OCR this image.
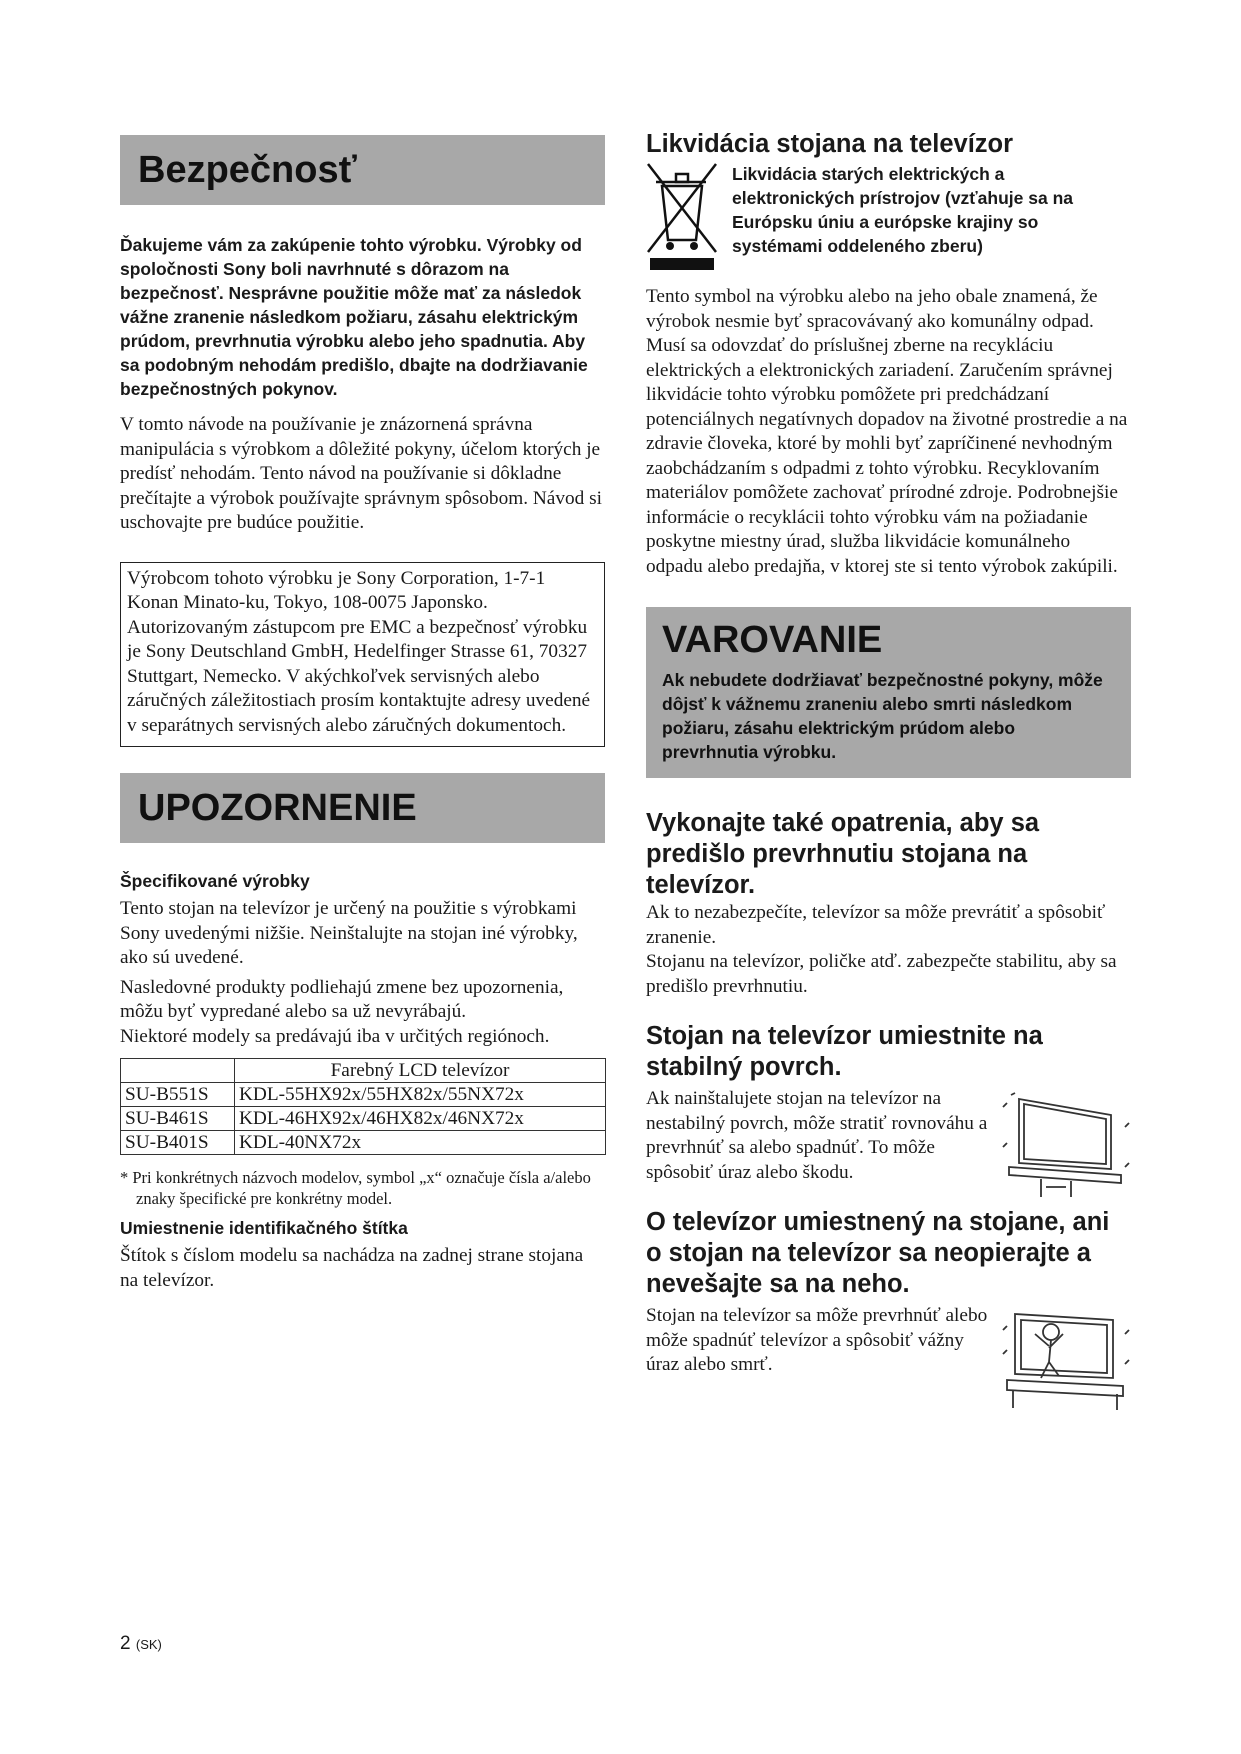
Bezpečnosť

Ďakujeme vám za zakúpenie tohto výrobku. Výrobky od spoločnosti Sony boli navrhnuté s dôrazom na bezpečnosť. Nesprávne použitie môže mať za následok vážne zranenie následkom požiaru, zásahu elektrickým prúdom, prevrhnutia výrobku alebo jeho spadnutia. Aby sa podobným nehodám predišlo, dbajte na dodržiavanie bezpečnostných pokynov.

V tomto návode na používanie je znázornená správna manipulácia s výrobkom a dôležité pokyny, účelom ktorých je predísť nehodám. Tento návod na používanie si dôkladne prečítajte a výrobok používajte správnym spôsobom. Návod si uschovajte pre budúce použitie.

Výrobcom tohoto výrobku je Sony Corporation, 1-7-1 Konan Minato-ku, Tokyo, 108-0075 Japonsko. Autorizovaným zástupcom pre EMC a bezpečnosť výrobku je Sony Deutschland GmbH, Hedelfinger Strasse 61, 70327 Stuttgart, Nemecko. V akýchkoľvek servisných alebo záručných záležitostiach prosím kontaktujte adresy uvedené v separátnych servisných alebo záručných dokumentoch.

UPOZORNENIE

Špecifikované výrobky

Tento stojan na televízor je určený na použitie s výrobkami Sony uvedenými nižšie. Neinštalujte na stojan iné výrobky, ako sú uvedené.

Nasledovné produkty podliehajú zmene bez upozornenia, môžu byť vypredané alebo sa už nevyrábajú.

Niektoré modely sa predávajú iba v určitých regiónoch.

	Farebný LCD televízor
SU-B551S	KDL-55HX92x/55HX82x/55NX72x
SU-B461S	KDL-46HX92x/46HX82x/46NX72x
SU-B401S	KDL-40NX72x

* Pri konkrétnych názvoch modelov, symbol „x“ označuje čísla a/alebo znaky špecifické pre konkrétny model.

Umiestnenie identifikačného štítka

Štítok s číslom modelu sa nachádza na zadnej strane stojana na televízor.

Likvidácia stojana na televízor

Likvidácia starých elektrických a elektronických prístrojov (vzťahuje sa na Európsku úniu a európske krajiny so systémami oddeleného zberu)

Tento symbol na výrobku alebo na jeho obale znamená, že výrobok nesmie byť spracovávaný ako komunálny odpad. Musí sa odovzdať do príslušnej zberne na recykláciu elektrických a elektronických zariadení. Zaručením správnej likvidácie tohto výrobku pomôžete pri predchádzaní potenciálnych negatívnych dopadov na životné prostredie a na zdravie človeka, ktoré by mohli byť zapríčinené nevhodným zaobchádzaním s odpadmi z tohto výrobku. Recyklovaním materiálov pomôžete zachovať prírodné zdroje. Podrobnejšie informácie o recyklácii tohto výrobku vám na požiadanie poskytne miestny úrad, služba likvidácie komunálneho odpadu alebo predajňa, v ktorej ste si tento výrobok zakúpili.

VAROVANIE

Ak nebudete dodržiavať bezpečnostné pokyny, môže dôjsť k vážnemu zraneniu alebo smrti následkom požiaru, zásahu elektrickým prúdom alebo prevrhnutia výrobku.

Vykonajte také opatrenia, aby sa predišlo prevrhnutiu stojana na televízor.

Ak to nezabezpečíte, televízor sa môže prevrátiť a spôsobiť zranenie.

Stojanu na televízor, poličke atď. zabezpečte stabilitu, aby sa predišlo prevrhnutiu.

Stojan na televízor umiestnite na stabilný povrch.

Ak nainštalujete stojan na televízor na nestabilný povrch, môže stratiť rovnováhu a prevrhnúť sa alebo spadnúť. To môže spôsobiť úraz alebo škodu.

O televízor umiestnený na stojane, ani o stojan na televízor sa neopierajte a nevešajte sa na neho.

Stojan na televízor sa môže prevrhnúť alebo môže spadnúť televízor a spôsobiť vážny úraz alebo smrť.

2 (SK)
